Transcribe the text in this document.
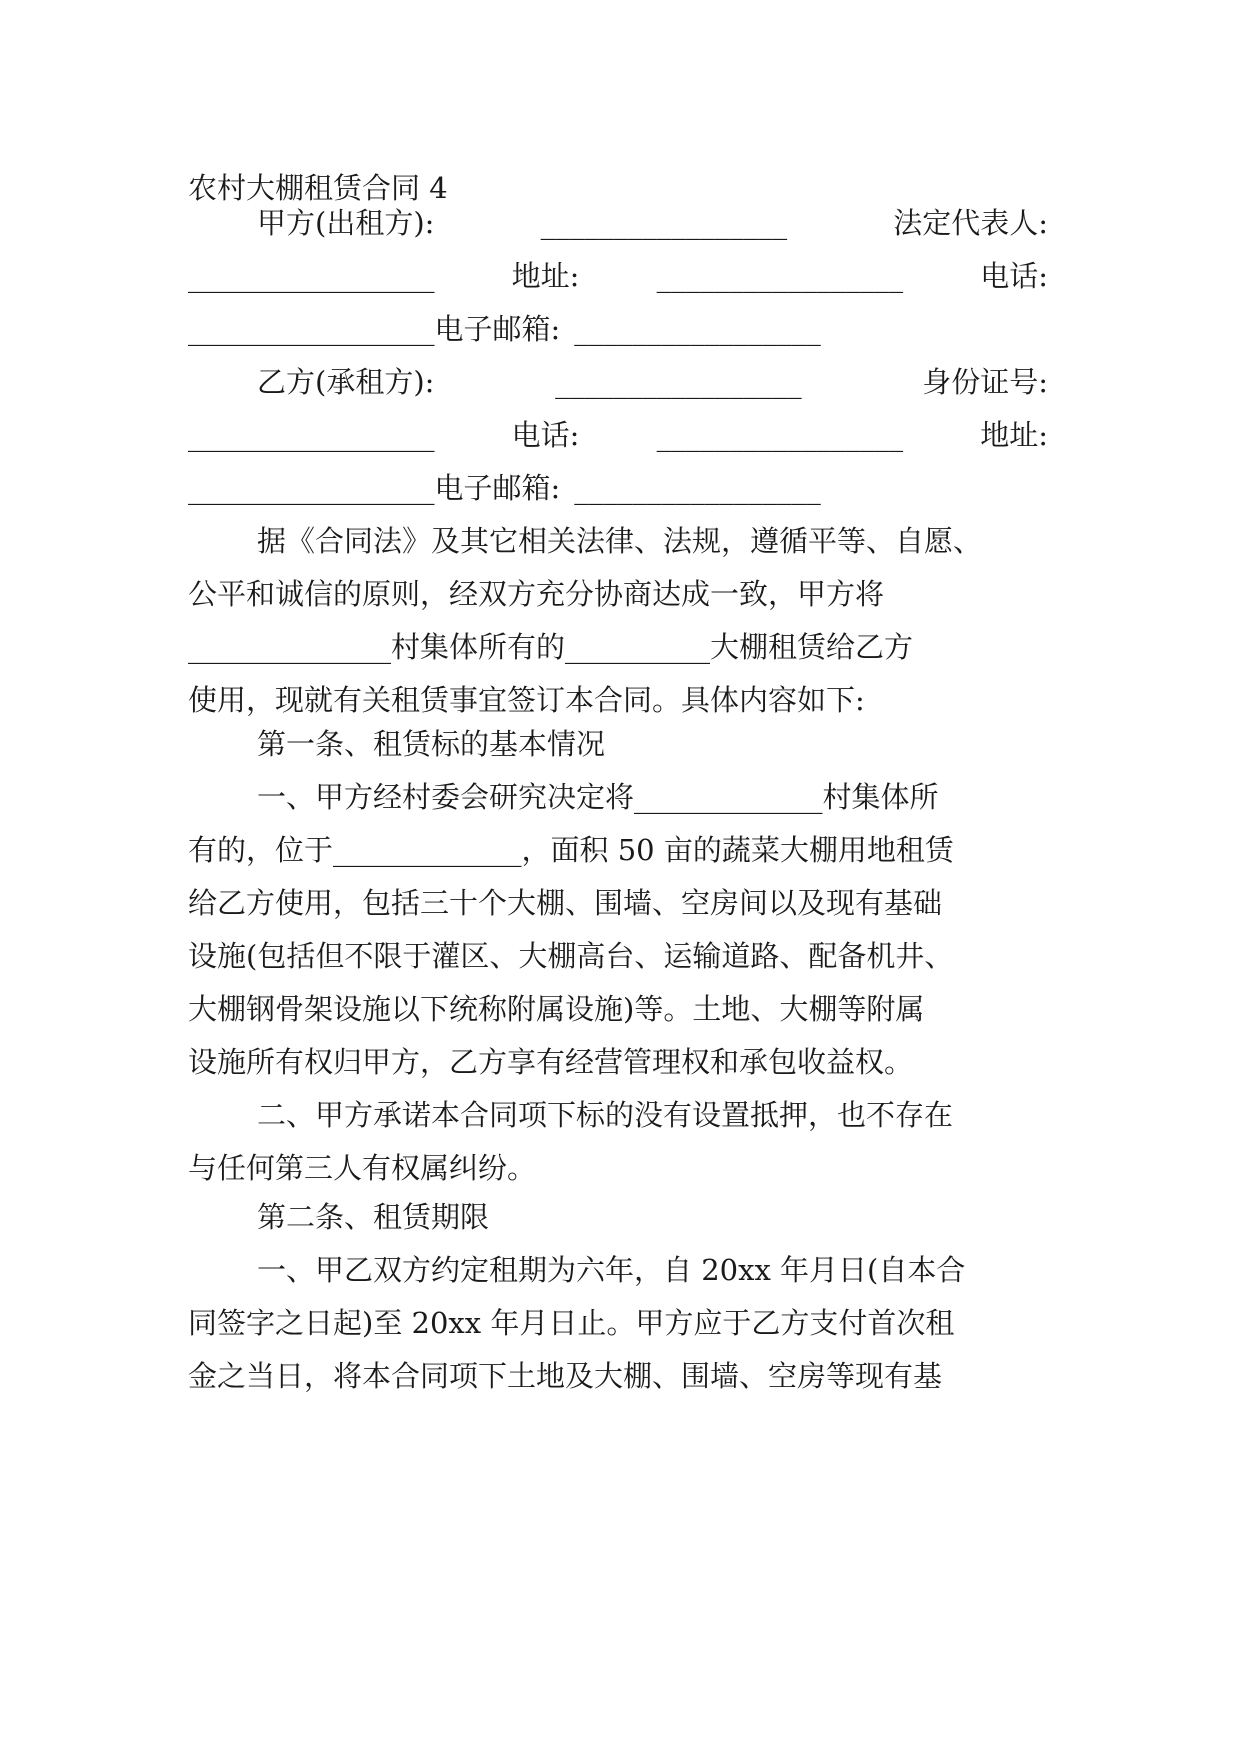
农村大棚租赁合同 4
甲方(出租方):	_________________	法定代表人:
_________________	地址:	_________________	电话:
_________________电子邮箱: _________________
乙方(承租方):	_________________	身份证号:
_________________	电话:	_________________	地址:
_________________电子邮箱: _________________
据《合同法》及其它相关法律、法规，遵循平等、自愿、
公平和诚信的原则，经双方充分协商达成一致，甲方将
______________村集体所有的__________大棚租赁给乙方
使用，现就有关租赁事宜签订本合同。具体内容如下:
第一条、租赁标的基本情况
一、甲方经村委会研究决定将_____________村集体所
有的，位于_____________，面积 50 亩的蔬菜大棚用地租赁
给乙方使用，包括三十个大棚、围墙、空房间以及现有基础
设施(包括但不限于灌区、大棚高台、运输道路、配备机井、
大棚钢骨架设施以下统称附属设施)等。土地、大棚等附属
设施所有权归甲方，乙方享有经营管理权和承包收益权。
二、甲方承诺本合同项下标的没有设置抵押，也不存在
与任何第三人有权属纠纷。
第二条、租赁期限
一、甲乙双方约定租期为六年，自 20xx 年月日(自本合
同签字之日起)至 20xx 年月日止。甲方应于乙方支付首次租
金之当日，将本合同项下土地及大棚、围墙、空房等现有基
